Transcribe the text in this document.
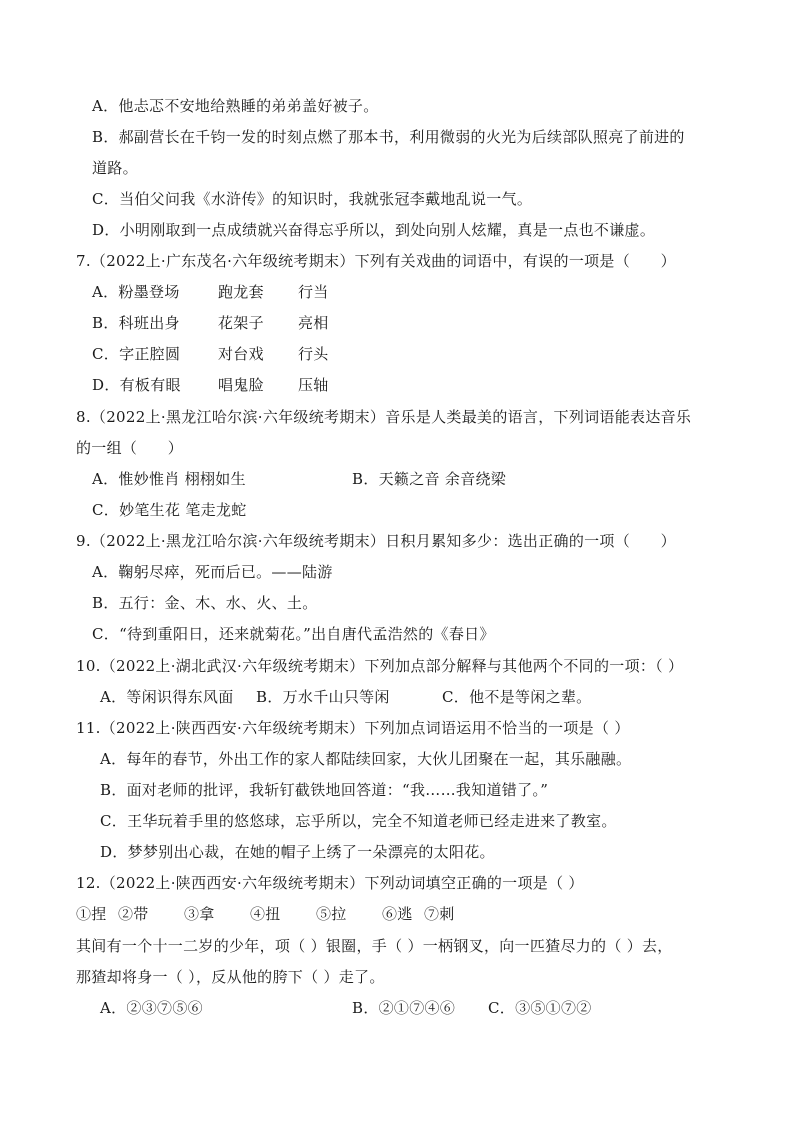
A．他忐忑不安地给熟睡的弟弟盖好被子。
B．郝副营长在千钧一发的时刻点燃了那本书，利用微弱的火光为后续部队照亮了前进的
道路。
C．当伯父问我《水浒传》的知识时，我就张冠李戴地乱说一气。
D．小明刚取到一点成绩就兴奋得忘乎所以，到处向别人炫耀，真是一点也不谦虚。
7.（2022上·广东茂名·六年级统考期末）下列有关戏曲的词语中，有误的一项是（　　）
A．粉墨登场	跑龙套 行当
B．科班出身	花架子 亮相
C．字正腔圆	对台戏 行头
D．有板有眼 唱鬼脸 压轴
8.（2022上·黑龙江哈尔滨·六年级统考期末）音乐是人类最美的语言，下列词语能表达音乐
的一组（　　）
A．惟妙惟肖 栩栩如生	B．天籁之音 余音绕梁
C．妙笔生花 笔走龙蛇
9.（2022上·黑龙江哈尔滨·六年级统考期末）日积月累知多少：选出正确的一项（　　）
A．鞠躬尽瘁，死而后已。——陆游
B．五行：金、木、水、火、土。
C．“待到重阳日，还来就菊花。”出自唐代孟浩然的《春日》
10.（2022上·湖北武汉·六年级统考期末）下列加点部分解释与其他两个不同的一项：（ ）
A．等闲识得东风面 B．万水千山只等闲	C．他不是等闲之辈。
11.（2022上·陕西西安·六年级统考期末）下列加点词语运用不恰当的一项是（ ）
A．每年的春节，外出工作的家人都陆续回家，大伙儿团聚在一起，其乐融融。
B．面对老师的批评，我斩钉截铁地回答道：“我……我知道错了。”
C．王华玩着手里的悠悠球，忘乎所以，完全不知道老师已经走进来了教室。
D．梦梦别出心裁，在她的帽子上绣了一朵漂亮的太阳花。
12.（2022上·陕西西安·六年级统考期末）下列动词填空正确的一项是（ ）
①捏 ②带 ③拿 ④扭 ⑤拉 ⑥逃 ⑦刺
其间有一个十一二岁的少年，项（ ）银圈，手（ ）一柄钢叉，向一匹猹尽力的（ ）去，
那猹却将身一（ ），反从他的胯下（ ）走了。
A．②③⑦⑤⑥	B．②①⑦④⑥ C．③⑤①⑦②
